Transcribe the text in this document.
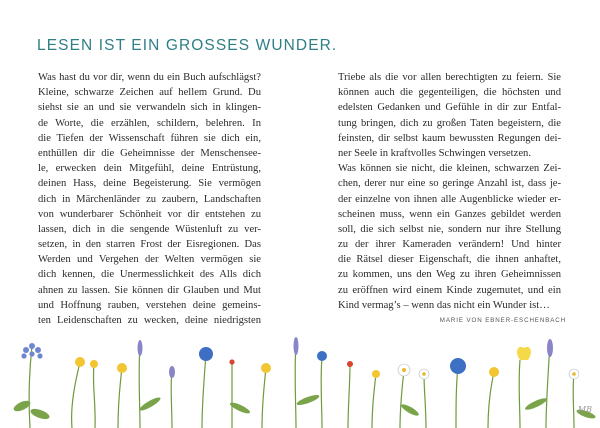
LESEN IST EIN GROSSES WUNDER.

Was hast du vor dir, wenn du ein Buch aufschlägst?

Kleine, schwarze Zeichen auf hellem Grund. Du

siehst sie an und sie verwandeln sich in klingen-

de Worte, die erzählen, schildern, belehren. In

die Tiefen der Wissenschaft führen sie dich ein,

enthüllen dir die Geheimnisse der Menschensee-

le, erwecken dein Mitgefühl, deine Entrüstung,

deinen Hass, deine Begeisterung. Sie vermögen

dich in Märchenländer zu zaubern, Landschaften

von wunderbarer Schönheit vor dir entstehen zu

lassen, dich in die sengende Wüstenluft zu ver-

setzen, in den starren Frost der Eisregionen. Das

Werden und Vergehen der Welten vermögen sie

dich kennen, die Unermesslichkeit des Alls dich

ahnen zu lassen. Sie können dir Glauben und Mut

und Hoffnung rauben, verstehen deine gemeins-

ten Leidenschaften zu wecken, deine niedrigsten

Triebe als die vor allen berechtigten zu feiern. Sie

können auch die gegenteiligen, die höchsten und

edelsten Gedanken und Gefühle in dir zur Entfal-

tung bringen, dich zu großen Taten begeistern, die

feinsten, dir selbst kaum bewussten Regungen dei-

ner Seele in kraftvolles Schwingen versetzen.

Was können sie nicht, die kleinen, schwarzen Zei-

chen, derer nur eine so geringe Anzahl ist, dass je-

der einzelne von ihnen alle Augenblicke wieder er-

scheinen muss, wenn ein Ganzes gebildet werden

soll, die sich selbst nie, sondern nur ihre Stellung

zu der ihrer Kameraden verändern! Und hinter

die Rätsel dieser Eigenschaft, die ihnen anhaftet,

zu kommen, uns den Weg zu ihren Geheimnissen

zu eröffnen wird einem Kinde zugemutet, und ein

Kind vermag’s – wenn das nicht ein Wunder ist…

MARIE VON EBNER-ESCHENBACH
MB
